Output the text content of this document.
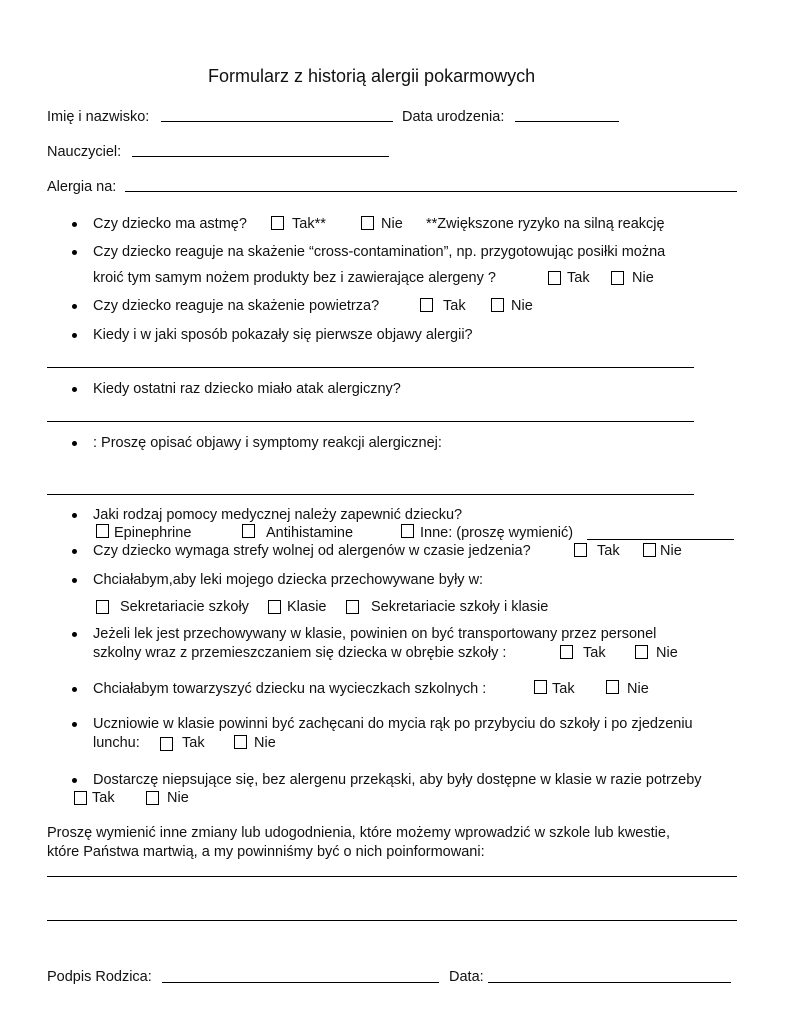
Formularz z historią alergii pokarmowych
Imię i nazwisko:	Data urodzenia:
Nauczyciel:
Alergia na:
Czy dziecko ma astmę?	Tak**	Nie **Zwiększone ryzyko na silną reakcję
Czy dziecko reaguje na skażenie “cross-contamination”, np. przygotowując posiłki można
kroić tym samym nożem produkty bez i zawierające alergeny ?	Tak	Nie
Czy dziecko reaguje na skażenie powietrza?	Tak	Nie
Kiedy i w jaki sposób pokazały się pierwsze objawy alergii?
Kiedy ostatni raz dziecko miało atak alergiczny?
: Proszę opisać objawy i symptomy reakcji alergicznej:
Jaki rodzaj pomocy medycznej należy zapewnić dziecku?
Epinephrine	Antihistamine	Inne: (proszę wymienić)
Czy dziecko wymaga strefy wolnej od alergenów w czasie jedzenia?	Tak	Nie
Chciałabym,aby leki mojego dziecka przechowywane były w:
Sekretariacie szkoły	Klasie	Sekretariacie szkoły i klasie
Jeżeli lek jest przechowywany w klasie, powinien on być transportowany przez personel
szkolny wraz z przemieszczaniem się dziecka w obrębie szkoły :	Tak	Nie
Chciałabym towarzyszyć dziecku na wycieczkach szkolnych :	Tak	Nie
Uczniowie w klasie powinni być zachęcani do mycia rąk po przybyciu do szkoły i po zjedzeniu
lunchu:	Tak	Nie
Dostarczę niepsujące się, bez alergenu przekąski, aby były dostępne w klasie w razie potrzeby
Tak	Nie
Proszę wymienić inne zmiany lub udogodnienia, które możemy wprowadzić w szkole lub kwestie,
które Państwa martwią, a my powinniśmy być o nich poinformowani:
Podpis Rodzica:	Data:
